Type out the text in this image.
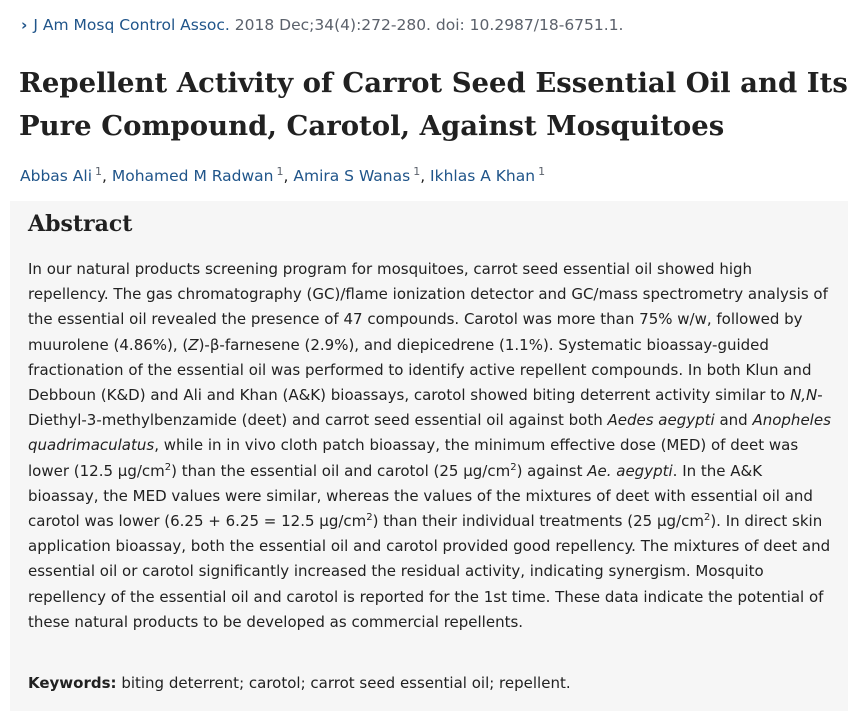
› J Am Mosq Control Assoc. 2018 Dec;34(4):272-280. doi: 10.2987/18-6751.1.
Repellent Activity of Carrot Seed Essential Oil and Its Pure Compound, Carotol, Against Mosquitoes
Abbas Ali $^1$, Mohamed M Radwan $^1$, Amira S Wanas $^1$, Ikhlas A Khan $^1$
Abstract

In our natural products screening program for mosquitoes, carrot seed essential oil showed high repellency. The gas chromatography (GC)/flame ionization detector and GC/mass spectrometry analysis of the essential oil revealed the presence of 47 compounds. Carotol was more than 75% w/w, followed by muurolene (4.86%), (Z)-β-farnesene (2.9%), and diepicedrene (1.1%). Systematic bioassay-guided fractionation of the essential oil was performed to identify active repellent compounds. In both Klun and Debboun (K&D) and Ali and Khan (A&K) bioassays, carotol showed biting deterrent activity similar to N,N-Diethyl-3-methylbenzamide (deet) and carrot seed essential oil against both Aedes aegypti and Anopheles quadrimaculatus, while in in vivo cloth patch bioassay, the minimum effective dose (MED) of deet was lower (12.5 $\mu g/cm^2$) than the essential oil and carotol (25 $\mu g/cm^2$) against Ae. aegypti. In the A&K bioassay, the MED values were similar, whereas the values of the mixtures of deet with essential oil and carotol was lower (6.25 + 6.25 = 12.5 $\mu g/cm^2$) than their individual treatments (25 $\mu g/cm^2$). In direct skin application bioassay, both the essential oil and carotol provided good repellency. The mixtures of deet and essential oil or carotol significantly increased the residual activity, indicating synergism. Mosquito repellency of the essential oil and carotol is reported for the 1st time. These data indicate the potential of these natural products to be developed as commercial repellents.

Keywords: biting deterrent; carotol; carrot seed essential oil; repellent.
